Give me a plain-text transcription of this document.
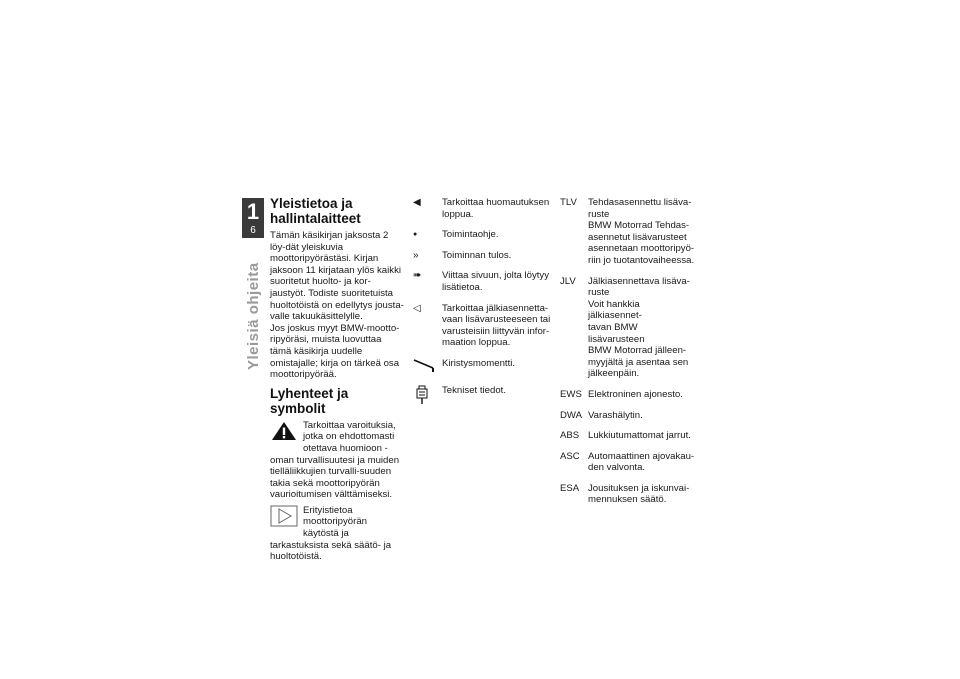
1
6
Yleisiä ohjeita
Yleistietoa ja hallintalaitteet

Tämän käsikirjan jaksosta 2 löy-dät yleiskuvia moottoripyörästäsi. Kirjan jaksoon 11 kirjataan ylös kaikki suoritetut huolto- ja kor-jaustyöt. Todiste suoritetuista huoltotöistä on edellytys jousta-valle takuukäsittelylle.

Jos joskus myyt BMW-mootto-ripyöräsi, muista luovuttaa tämä käsikirja uudelle omistajalle; kirja on tärkeä osa moottoripyörää.

Lyhenteet ja symbolit
Tarkoittaa varoituksia, jotka on ehdottomasti otettava huomioon - oman turvallisuutesi ja muiden tielläliikkujien turvalli-suuden takia sekä moottoripyörän vaurioitumisen välttämiseksi.
Erityistietoa moottoripyörän käytöstä ja tarkastuksista sekä säätö- ja huoltotöistä.
◀	Tarkoittaa huomautuksen loppua.
●	Toimintaohje.
»	Toiminnan tulos.
➠	Viittaa sivuun, jolta löytyy lisätietoa.
◁	Tarkoittaa jälkiasennetta-vaan lisävarusteeseen tai varusteisiin liittyvän infor-maation loppua.
Kiristysmomentti.
Tekniset tiedot.
TLV	Tehdasasennettu lisäva-
ruste
BMW Motorrad Tehdas-
asennetut lisävarusteet
asennetaan moottoripyö-
riin jo tuotantovaiheessa.
JLV	Jälkiasennettava lisäva-
ruste
Voit hankkia jälkiasennet-
tavan BMW lisävarusteen
BMW Motorrad jälleen-
myyjältä ja asentaa sen
jälkeenpäin.
EWS Elektroninen ajonesto.
DWA Varashälytin.
ABS Lukkiutumattomat jarrut.
ASC Automaattinen ajovakau-
den valvonta.
ESA Jousituksen ja iskunvai-
mennuksen säätö.
